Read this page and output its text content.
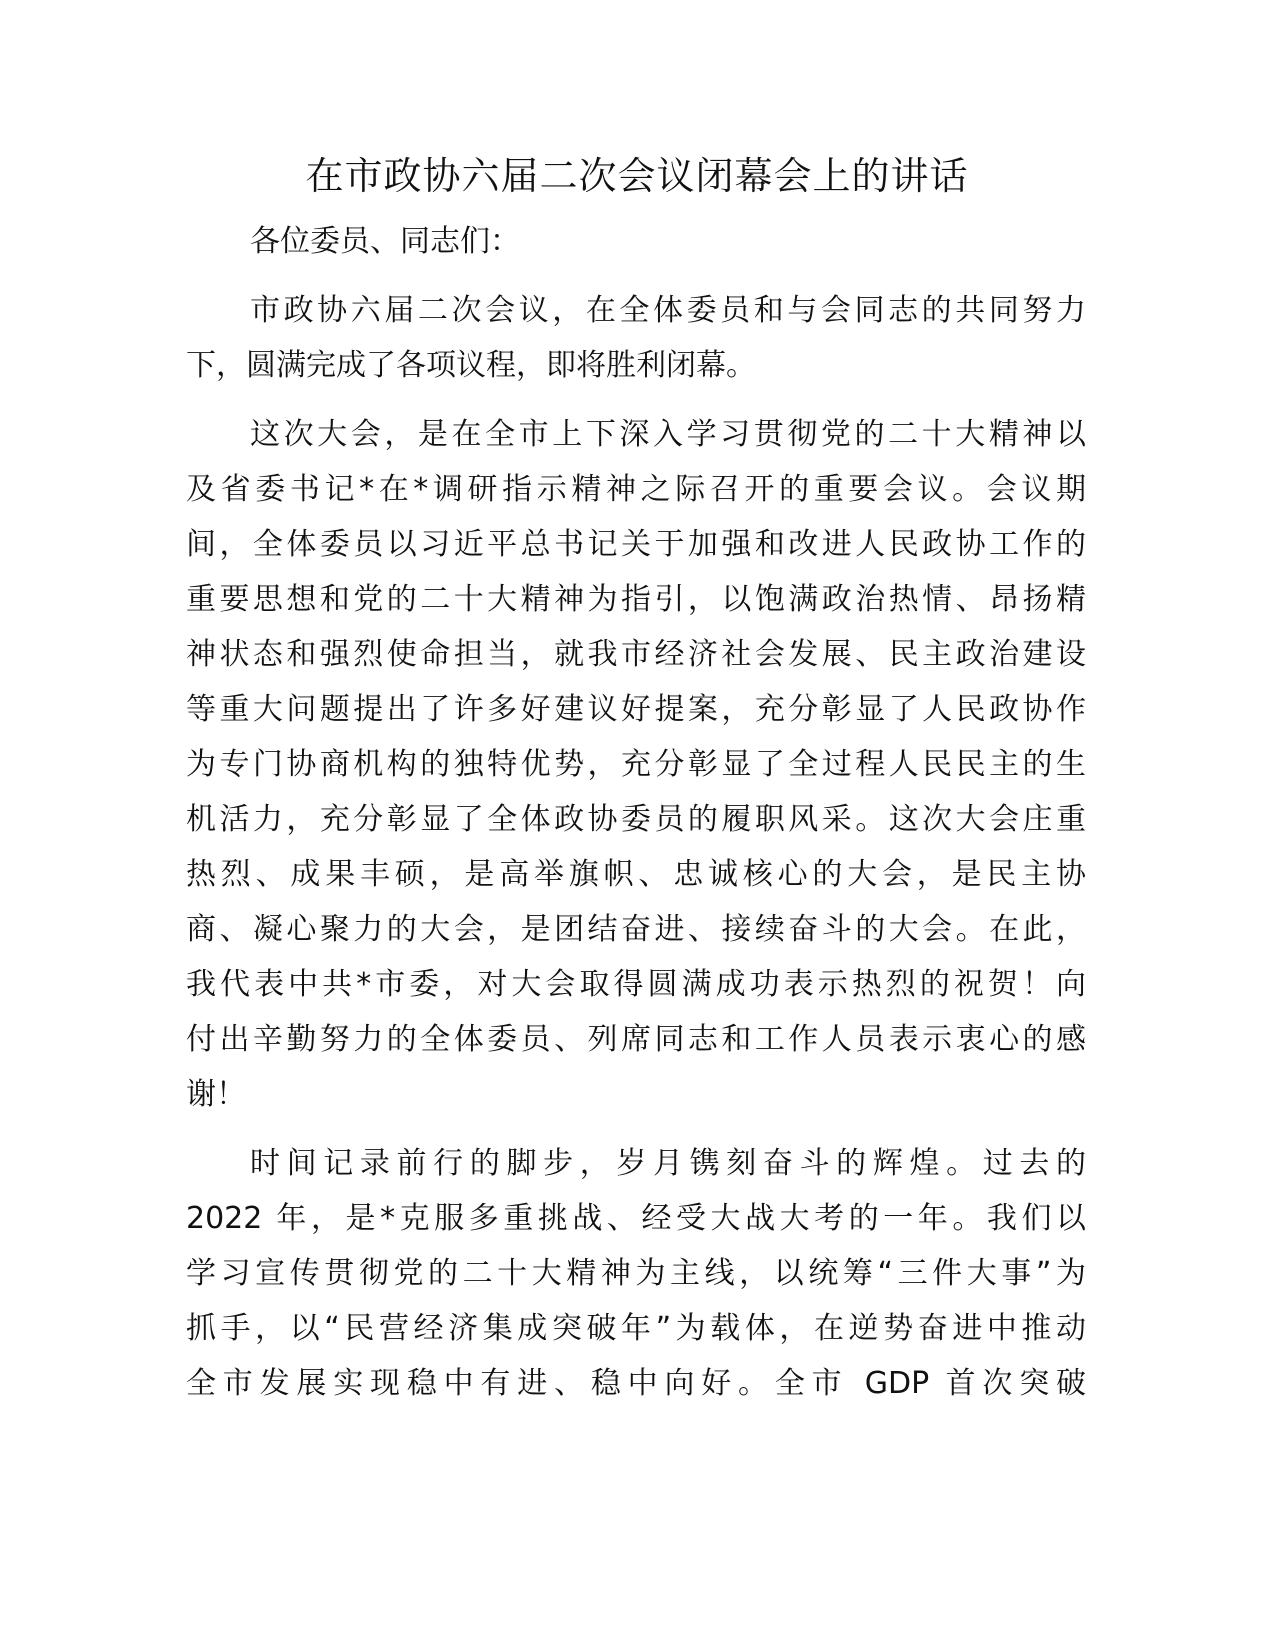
在市政协六届二次会议闭幕会上的讲话
各位委员、同志们：
市政协六届二次会议，在全体委员和与会同志的共同努力
下，圆满完成了各项议程，即将胜利闭幕。
这次大会，是在全市上下深入学习贯彻党的二十大精神以
及省委书记*在*调研指示精神之际召开的重要会议。会议期
间，全体委员以习近平总书记关于加强和改进人民政协工作的
重要思想和党的二十大精神为指引，以饱满政治热情、昂扬精
神状态和强烈使命担当，就我市经济社会发展、民主政治建设
等重大问题提出了许多好建议好提案，充分彰显了人民政协作
为专门协商机构的独特优势，充分彰显了全过程人民民主的生
机活力，充分彰显了全体政协委员的履职风采。这次大会庄重
热烈、成果丰硕，是高举旗帜、忠诚核心的大会，是民主协
商、凝心聚力的大会，是团结奋进、接续奋斗的大会。在此，
我代表中共*市委，对大会取得圆满成功表示热烈的祝贺！向
付出辛勤努力的全体委员、列席同志和工作人员表示衷心的感
谢！
时间记录前行的脚步，岁月镌刻奋斗的辉煌。过去的
2022 年，是*克服多重挑战、经受大战大考的一年。我们以
学习宣传贯彻党的二十大精神为主线，以统筹“三件大事”为
抓手，以“民营经济集成突破年”为载体，在逆势奋进中推动
全市发展实现稳中有进、稳中向好。全市 GDP 首次突破
